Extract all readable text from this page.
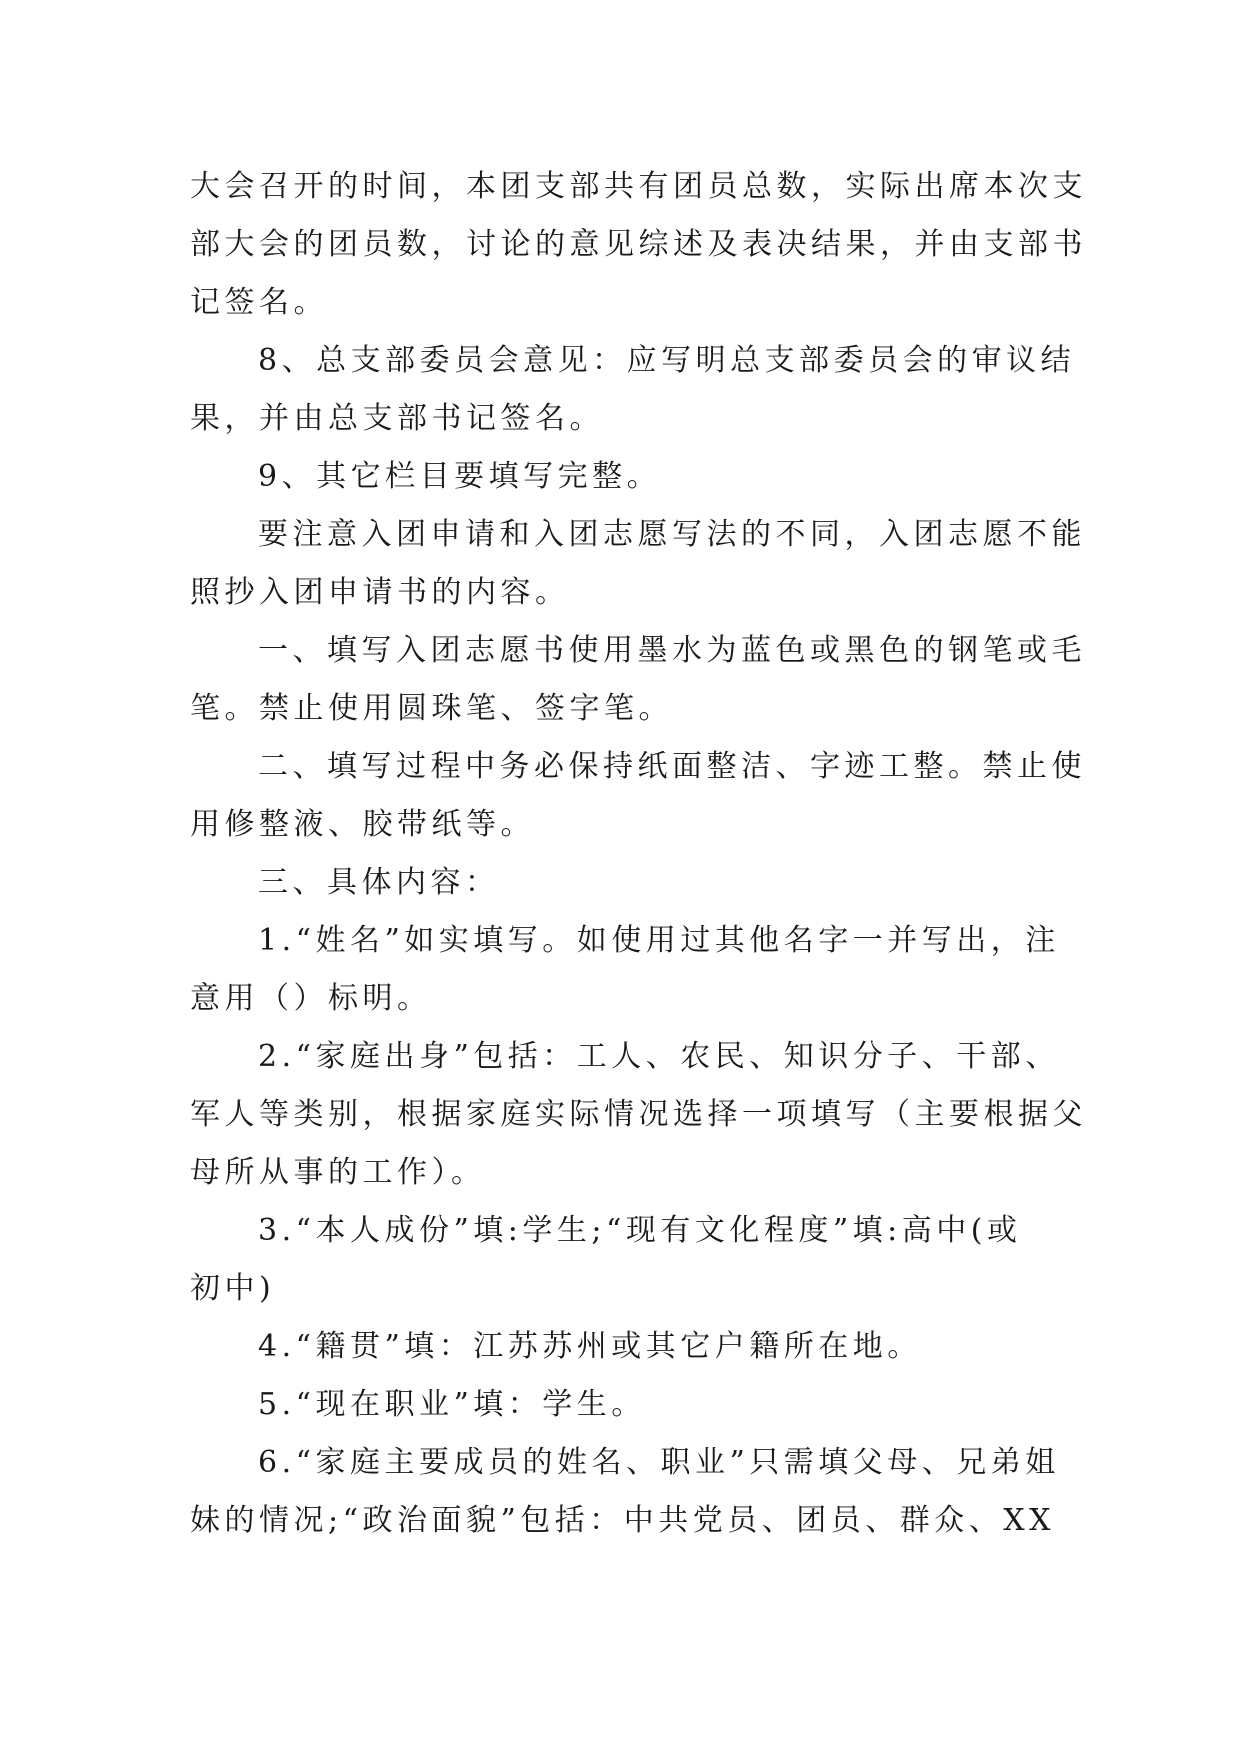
大会召开的时间，本团支部共有团员总数，实际出席本次支

部大会的团员数，讨论的意见综述及表决结果，并由支部书

记签名。

8、总支部委员会意见：应写明总支部委员会的审议结

果，并由总支部书记签名。

9、其它栏目要填写完整。

要注意入团申请和入团志愿写法的不同，入团志愿不能

照抄入团申请书的内容。

一、填写入团志愿书使用墨水为蓝色或黑色的钢笔或毛

笔。禁止使用圆珠笔、签字笔。

二、填写过程中务必保持纸面整洁、字迹工整。禁止使

用修整液、胶带纸等。

三、具体内容：

1.“姓名”如实填写。如使用过其他名字一并写出，注

意用（）标明。

2.“家庭出身”包括：工人、农民、知识分子、干部、

军人等类别，根据家庭实际情况选择一项填写（主要根据父

母所从事的工作）。

3.“本人成份”填:学生;“现有文化程度”填:高中(或

初中)

4.“籍贯”填：江苏苏州或其它户籍所在地。

5.“现在职业”填：学生。

6.“家庭主要成员的姓名、职业”只需填父母、兄弟姐

妹的情况;“政治面貌”包括：中共党员、团员、群众、XX
